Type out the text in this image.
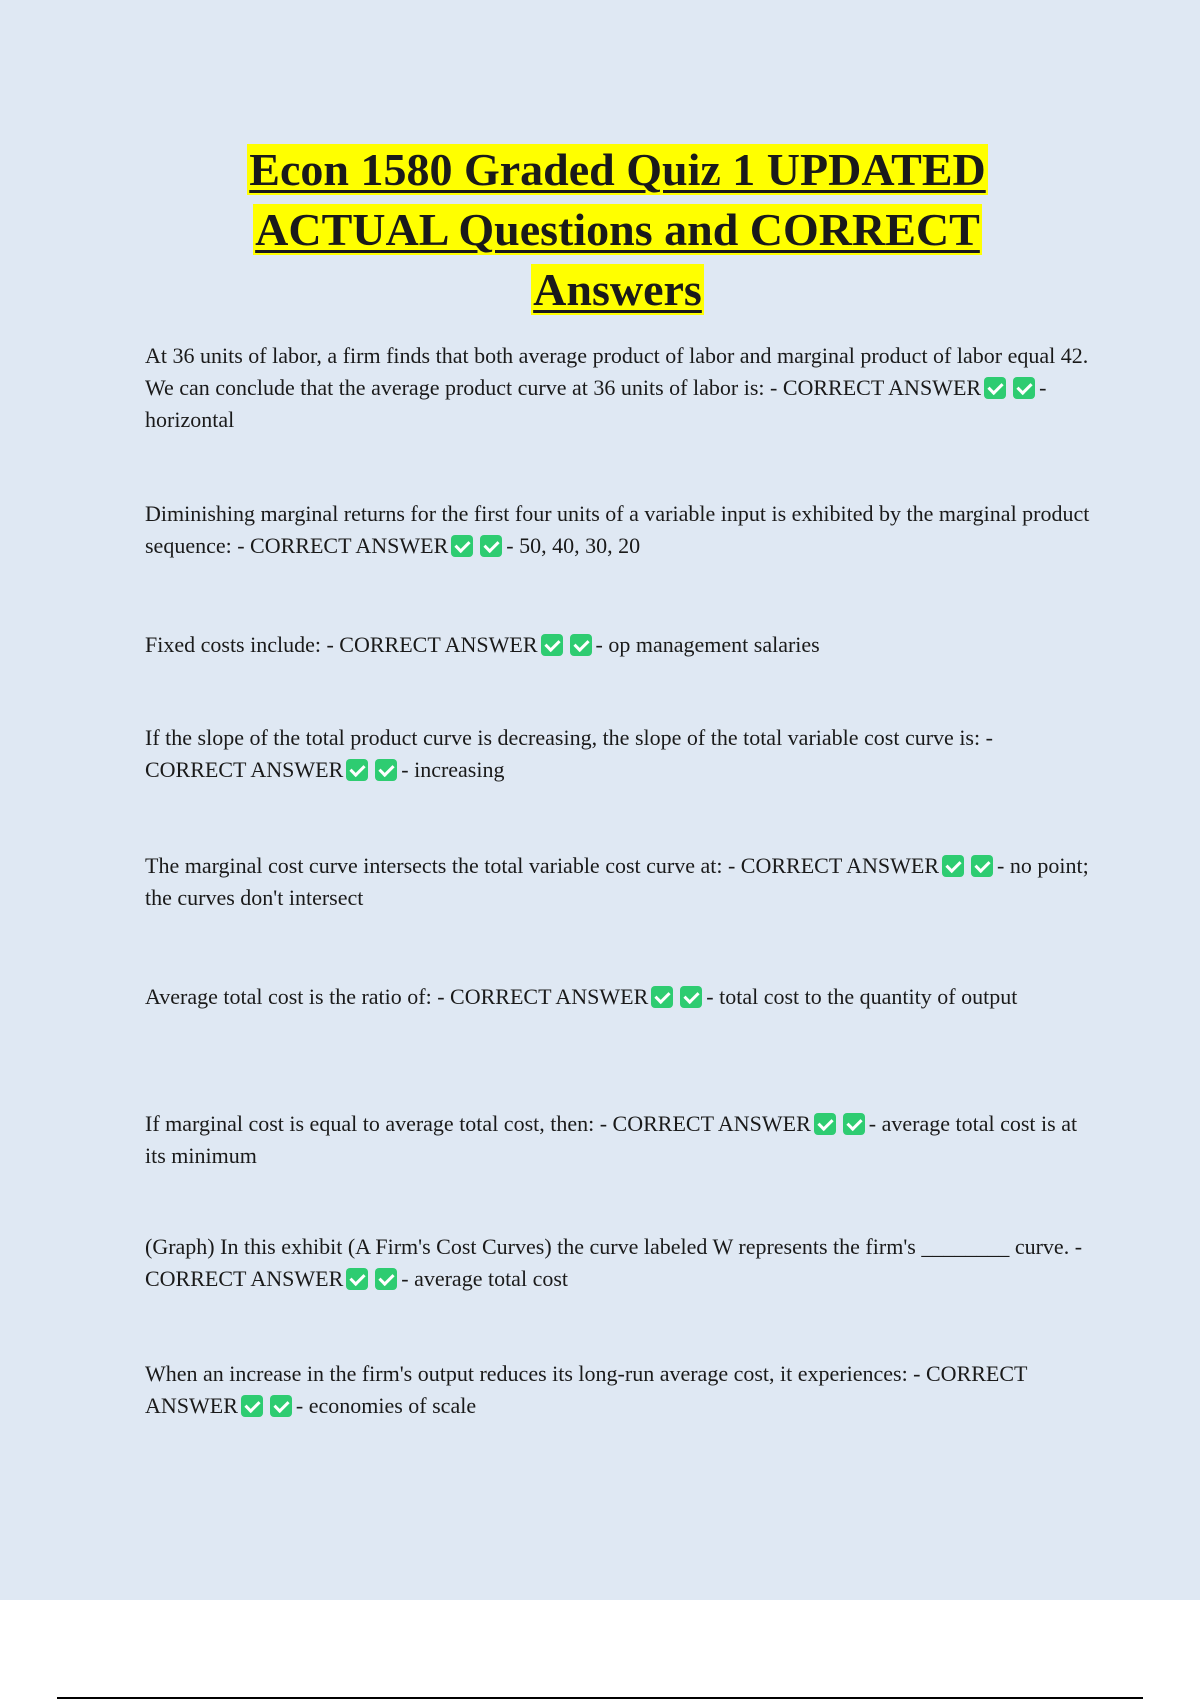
Econ 1580 Graded Quiz 1 UPDATED
ACTUAL Questions and CORRECT
Answers

At 36 units of labor, a firm finds that both average product of labor and marginal product of labor equal 42. We can conclude that the average product curve at 36 units of labor is: - CORRECT ANSWER	- horizontal

Diminishing marginal returns for the first four units of a variable input is exhibited by the marginal product sequence: - CORRECT ANSWER	- 50, 40, 30, 20

Fixed costs include: - CORRECT ANSWER	- op management salaries

If the slope of the total product curve is decreasing, the slope of the total variable cost curve is: - CORRECT ANSWER	- increasing

The marginal cost curve intersects the total variable cost curve at: - CORRECT ANSWER	- no point; the curves don't intersect

Average total cost is the ratio of: - CORRECT ANSWER	- total cost to the quantity of output

If marginal cost is equal to average total cost, then: - CORRECT ANSWER	- average total cost is at its minimum

(Graph) In this exhibit (A Firm's Cost Curves) the curve labeled W represents the firm's ________ curve. - CORRECT ANSWER	- average total cost

When an increase in the firm's output reduces its long-run average cost, it experiences: - CORRECT ANSWER	- economies of scale
